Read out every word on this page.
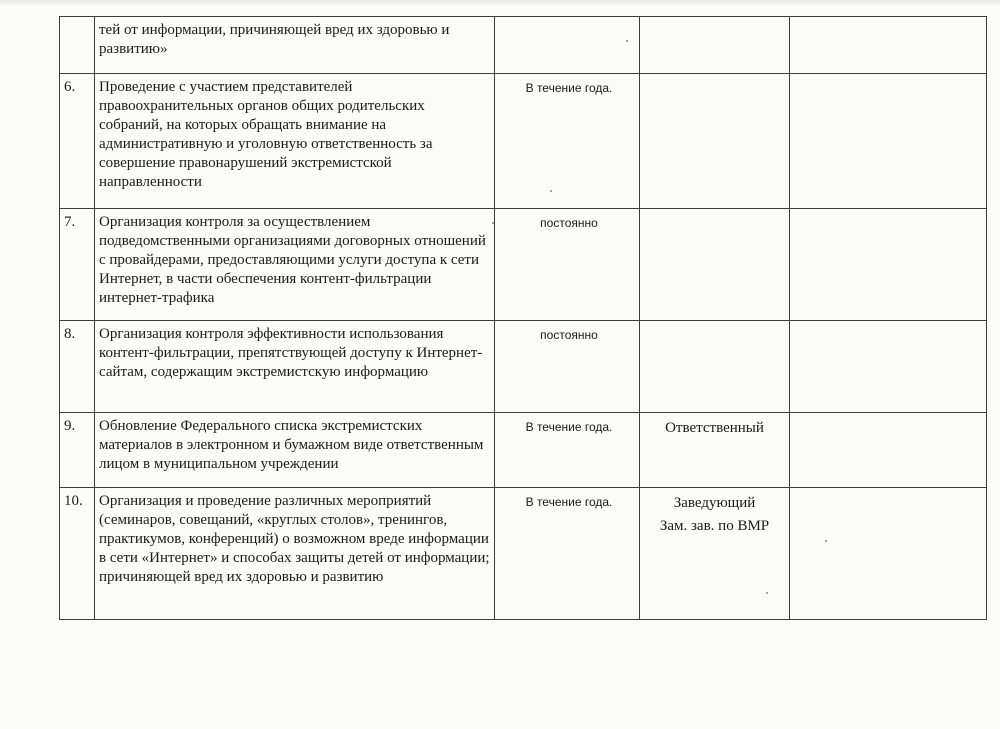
	тей от информации, причиняющей вред их здоровью и развитию»			

6.	Проведение с участием представителей правоохранительных органов общих родительских собраний, на которых обращать внимание на административную и уголовную ответственность за совершение правонарушений экстремистской направленности	В течение года.		

7.	Организация контроля за осуществлением подведомственными организациями договорных отношений с провайдерами, предоставляющими услуги доступа к сети Интернет, в части обеспечения контент-фильтрации интернет-трафика	постоянно		

8.	Организация контроля эффективности использования контент-фильтрации, препятствующей доступу к Интернет-сайтам, содержащим экстремистскую информацию	постоянно		

9.	Обновление Федерального списка экстремистских материалов в электронном и бумажном виде ответственным лицом в муниципальном учреждении	В течение года.	Ответственный	

10.	Организация и проведение различных мероприятий (семинаров, совещаний, «круглых столов», тренингов, практикумов, конференций) о возможном вреде информации в сети «Интернет» и способах защиты детей от информации; причиняющей вред их здоровью и развитию	В течение года.	Заведующий
Зам. зав. по ВМР	
